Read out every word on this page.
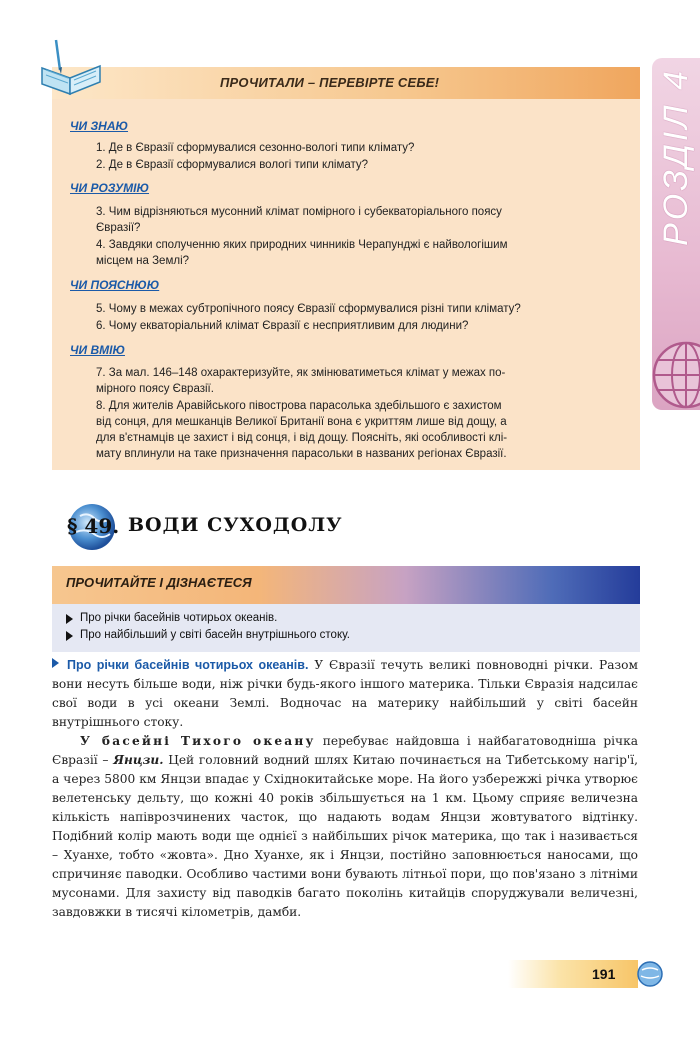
РОЗДІЛ 4
ПРОЧИТАЛИ – ПЕРЕВІРТЕ СЕБЕ!
ЧИ ЗНАЮ
1. Де в Євразії сформувалися сезонно-вологі типи клімату?
2. Де в Євразії сформувалися вологі типи клімату?
ЧИ РОЗУМІЮ
3. Чим відрізняються мусонний клімат помірного і субекваторіального поясу
Євразії?
4. Завдяки сполученню яких природних чинників Черапунджі є найвологішим
місцем на Землі?
ЧИ ПОЯСНЮЮ
5. Чому в межах субтропічного поясу Євразії сформувалися різні типи клімату?
6. Чому екваторіальний клімат Євразії є несприятливим для людини?
ЧИ ВМІЮ
7. За мал. 146–148 охарактеризуйте, як змінюватиметься клімат у межах по-
мірного поясу Євразії.
8. Для жителів Аравійського півострова парасолька здебільшого є захистом
від сонця, для мешканців Великої Британії вона є укриттям лише від дощу, а
для в'єтнамців це захист і від сонця, і від дощу. Поясніть, які особливості клі-
мату вплинули на таке призначення парасольки в названих регіонах Євразії.
§ 49. ВОДИ СУХОДОЛУ
ПРОЧИТАЙТЕ І ДІЗНАЄТЕСЯ
Про річки басейнів чотирьох океанів.
Про найбільший у світі басейн внутрішнього стоку.

Про річки басейнів чотирьох океанів. У Євразії течуть великі повноводні річки. Разом вони несуть більше води, ніж річки будь-якого іншого материка. Тільки Євразія надсилає свої води в усі океани Землі. Водночас на материку найбільший у світі басейн внутрішнього стоку.

У басейні Тихого океану перебуває найдовша і найбагатоводніша річка Євразії – Янцзи. Цей головний водний шлях Китаю починається на Тибетському нагір'ї, а через 5800 км Янцзи впадає у Східнокитайське море. На його узбережжі річка утворює велетенську дельту, що кожні 40 років збільшується на 1 км. Цьому сприяє величезна кількість напіврозчинених часток, що надають водам Янцзи жовтуватого відтінку. Подібний колір мають води ще однієї з найбільших річок материка, що так і називається – Хуанхе, тобто «жовта». Дно Хуанхе, як і Янцзи, постійно заповнюється наносами, що спричиняє паводки. Особливо частими вони бувають літньої пори, що пов'язано з літніми мусонами. Для захисту від паводків багато поколінь китайців споруджували величезні, завдовжки в тисячі кілометрів, дамби.

191
